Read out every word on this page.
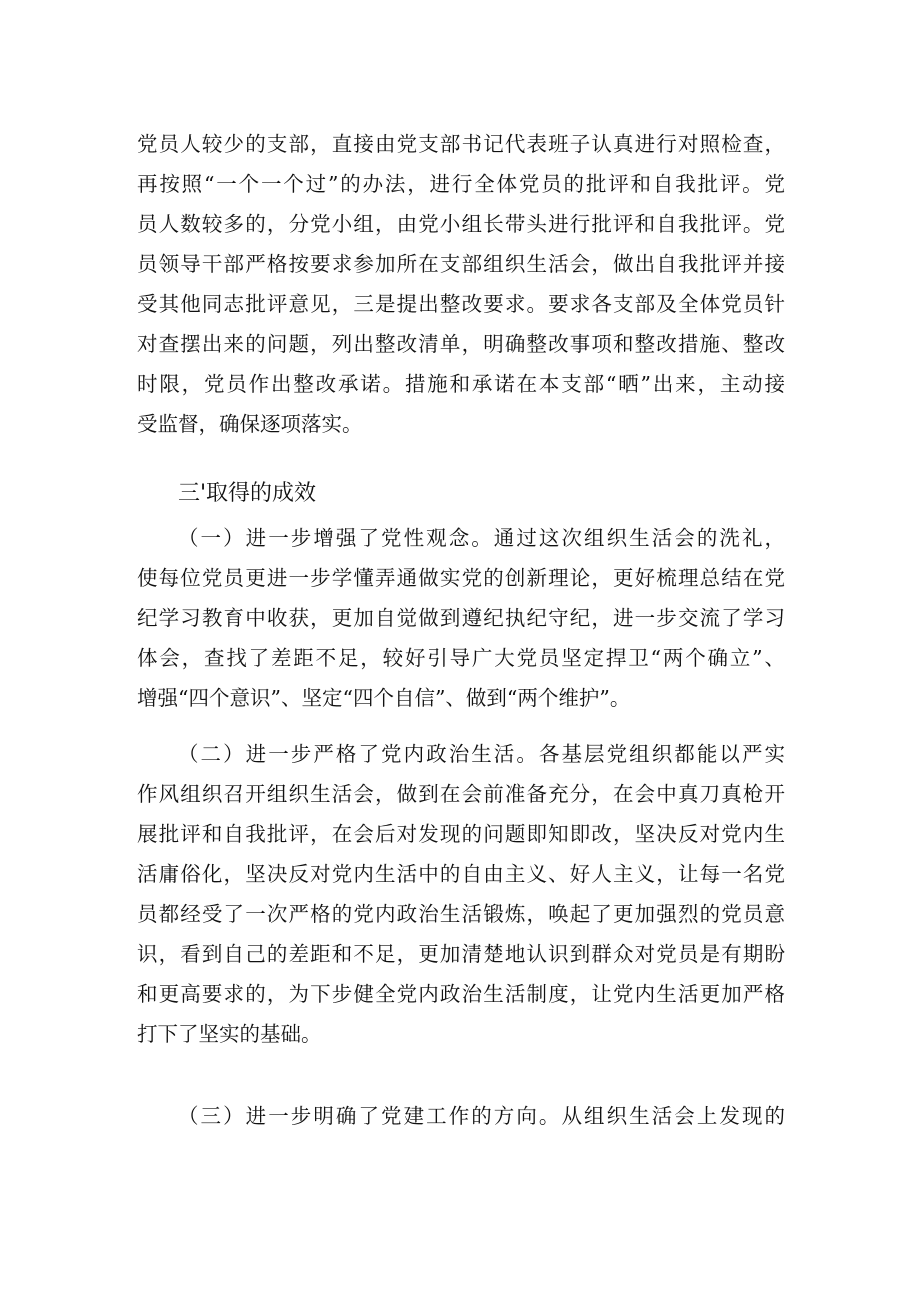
党员人较少的支部，直接由党支部书记代表班子认真进行对照检查，
再按照“一个一个过”的办法，进行全体党员的批评和自我批评。党
员人数较多的，分党小组，由党小组长带头进行批评和自我批评。党
员领导干部严格按要求参加所在支部组织生活会，做出自我批评并接
受其他同志批评意见，三是提出整改要求。要求各支部及全体党员针
对查摆出来的问题，列出整改清单，明确整改事项和整改措施、整改
时限，党员作出整改承诺。措施和承诺在本支部“晒”出来，主动接
受监督，确保逐项落实。
三'取得的成效
（一）进一步增强了党性观念。通过这次组织生活会的洗礼，
使每位党员更进一步学懂弄通做实党的创新理论，更好梳理总结在党
纪学习教育中收获，更加自觉做到遵纪执纪守纪，进一步交流了学习
体会，查找了差距不足，较好引导广大党员坚定捍卫“两个确立”、
增强“四个意识”、坚定“四个自信”、做到“两个维护”。
（二）进一步严格了党内政治生活。各基层党组织都能以严实
作风组织召开组织生活会，做到在会前准备充分，在会中真刀真枪开
展批评和自我批评，在会后对发现的问题即知即改，坚决反对党内生
活庸俗化，坚决反对党内生活中的自由主义、好人主义，让每一名党
员都经受了一次严格的党内政治生活锻炼，唤起了更加强烈的党员意
识，看到自己的差距和不足，更加清楚地认识到群众对党员是有期盼
和更高要求的，为下步健全党内政治生活制度，让党内生活更加严格
打下了坚实的基础。
（三）进一步明确了党建工作的方向。从组织生活会上发现的
